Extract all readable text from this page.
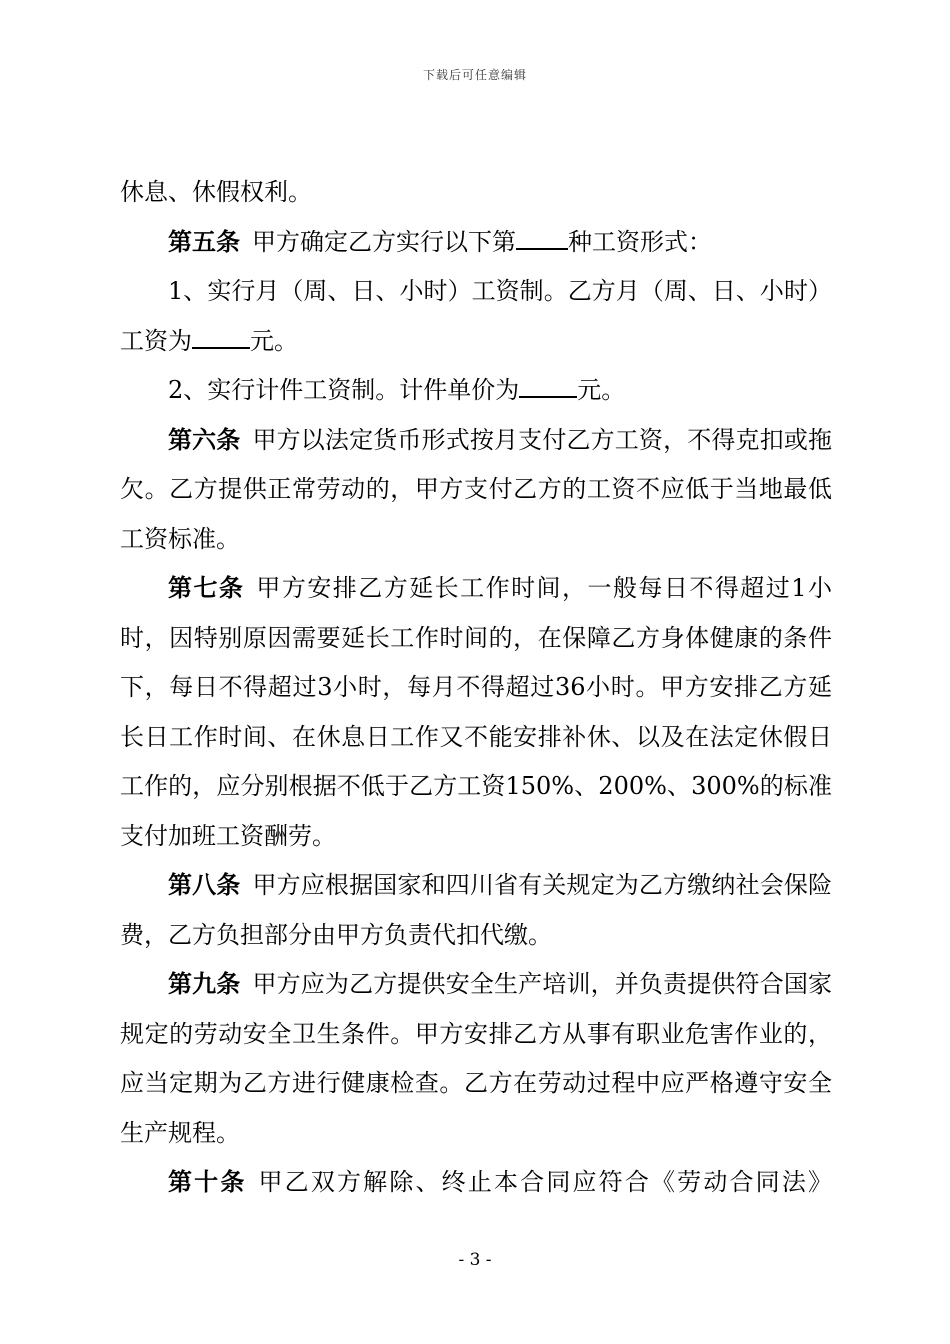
下载后可任意编辑

休息、休假权利。

第五条 甲方确定乙方实行以下第 种工资形式：

1、实行月（周、日、小时）工资制。乙方月（周、日、小时）工资为 元。

2、实行计件工资制。计件单价为 元。

第六条 甲方以法定货币形式按月支付乙方工资，不得克扣或拖欠。乙方提供正常劳动的，甲方支付乙方的工资不应低于当地最低工资标准。

第七条 甲方安排乙方延长工作时间，一般每日不得超过1小时，因特别原因需要延长工作时间的，在保障乙方身体健康的条件下，每日不得超过3小时，每月不得超过36小时。甲方安排乙方延长日工作时间、在休息日工作又不能安排补休、以及在法定休假日工作的，应分别根据不低于乙方工资150%、200%、300%的标准支付加班工资酬劳。

第八条 甲方应根据国家和四川省有关规定为乙方缴纳社会保险费，乙方负担部分由甲方负责代扣代缴。

第九条 甲方应为乙方提供安全生产培训，并负责提供符合国家规定的劳动安全卫生条件。甲方安排乙方从事有职业危害作业的，应当定期为乙方进行健康检查。乙方在劳动过程中应严格遵守安全生产规程。

第十条 甲乙双方解除、终止本合同应符合《劳动合同法》

- 3 -
